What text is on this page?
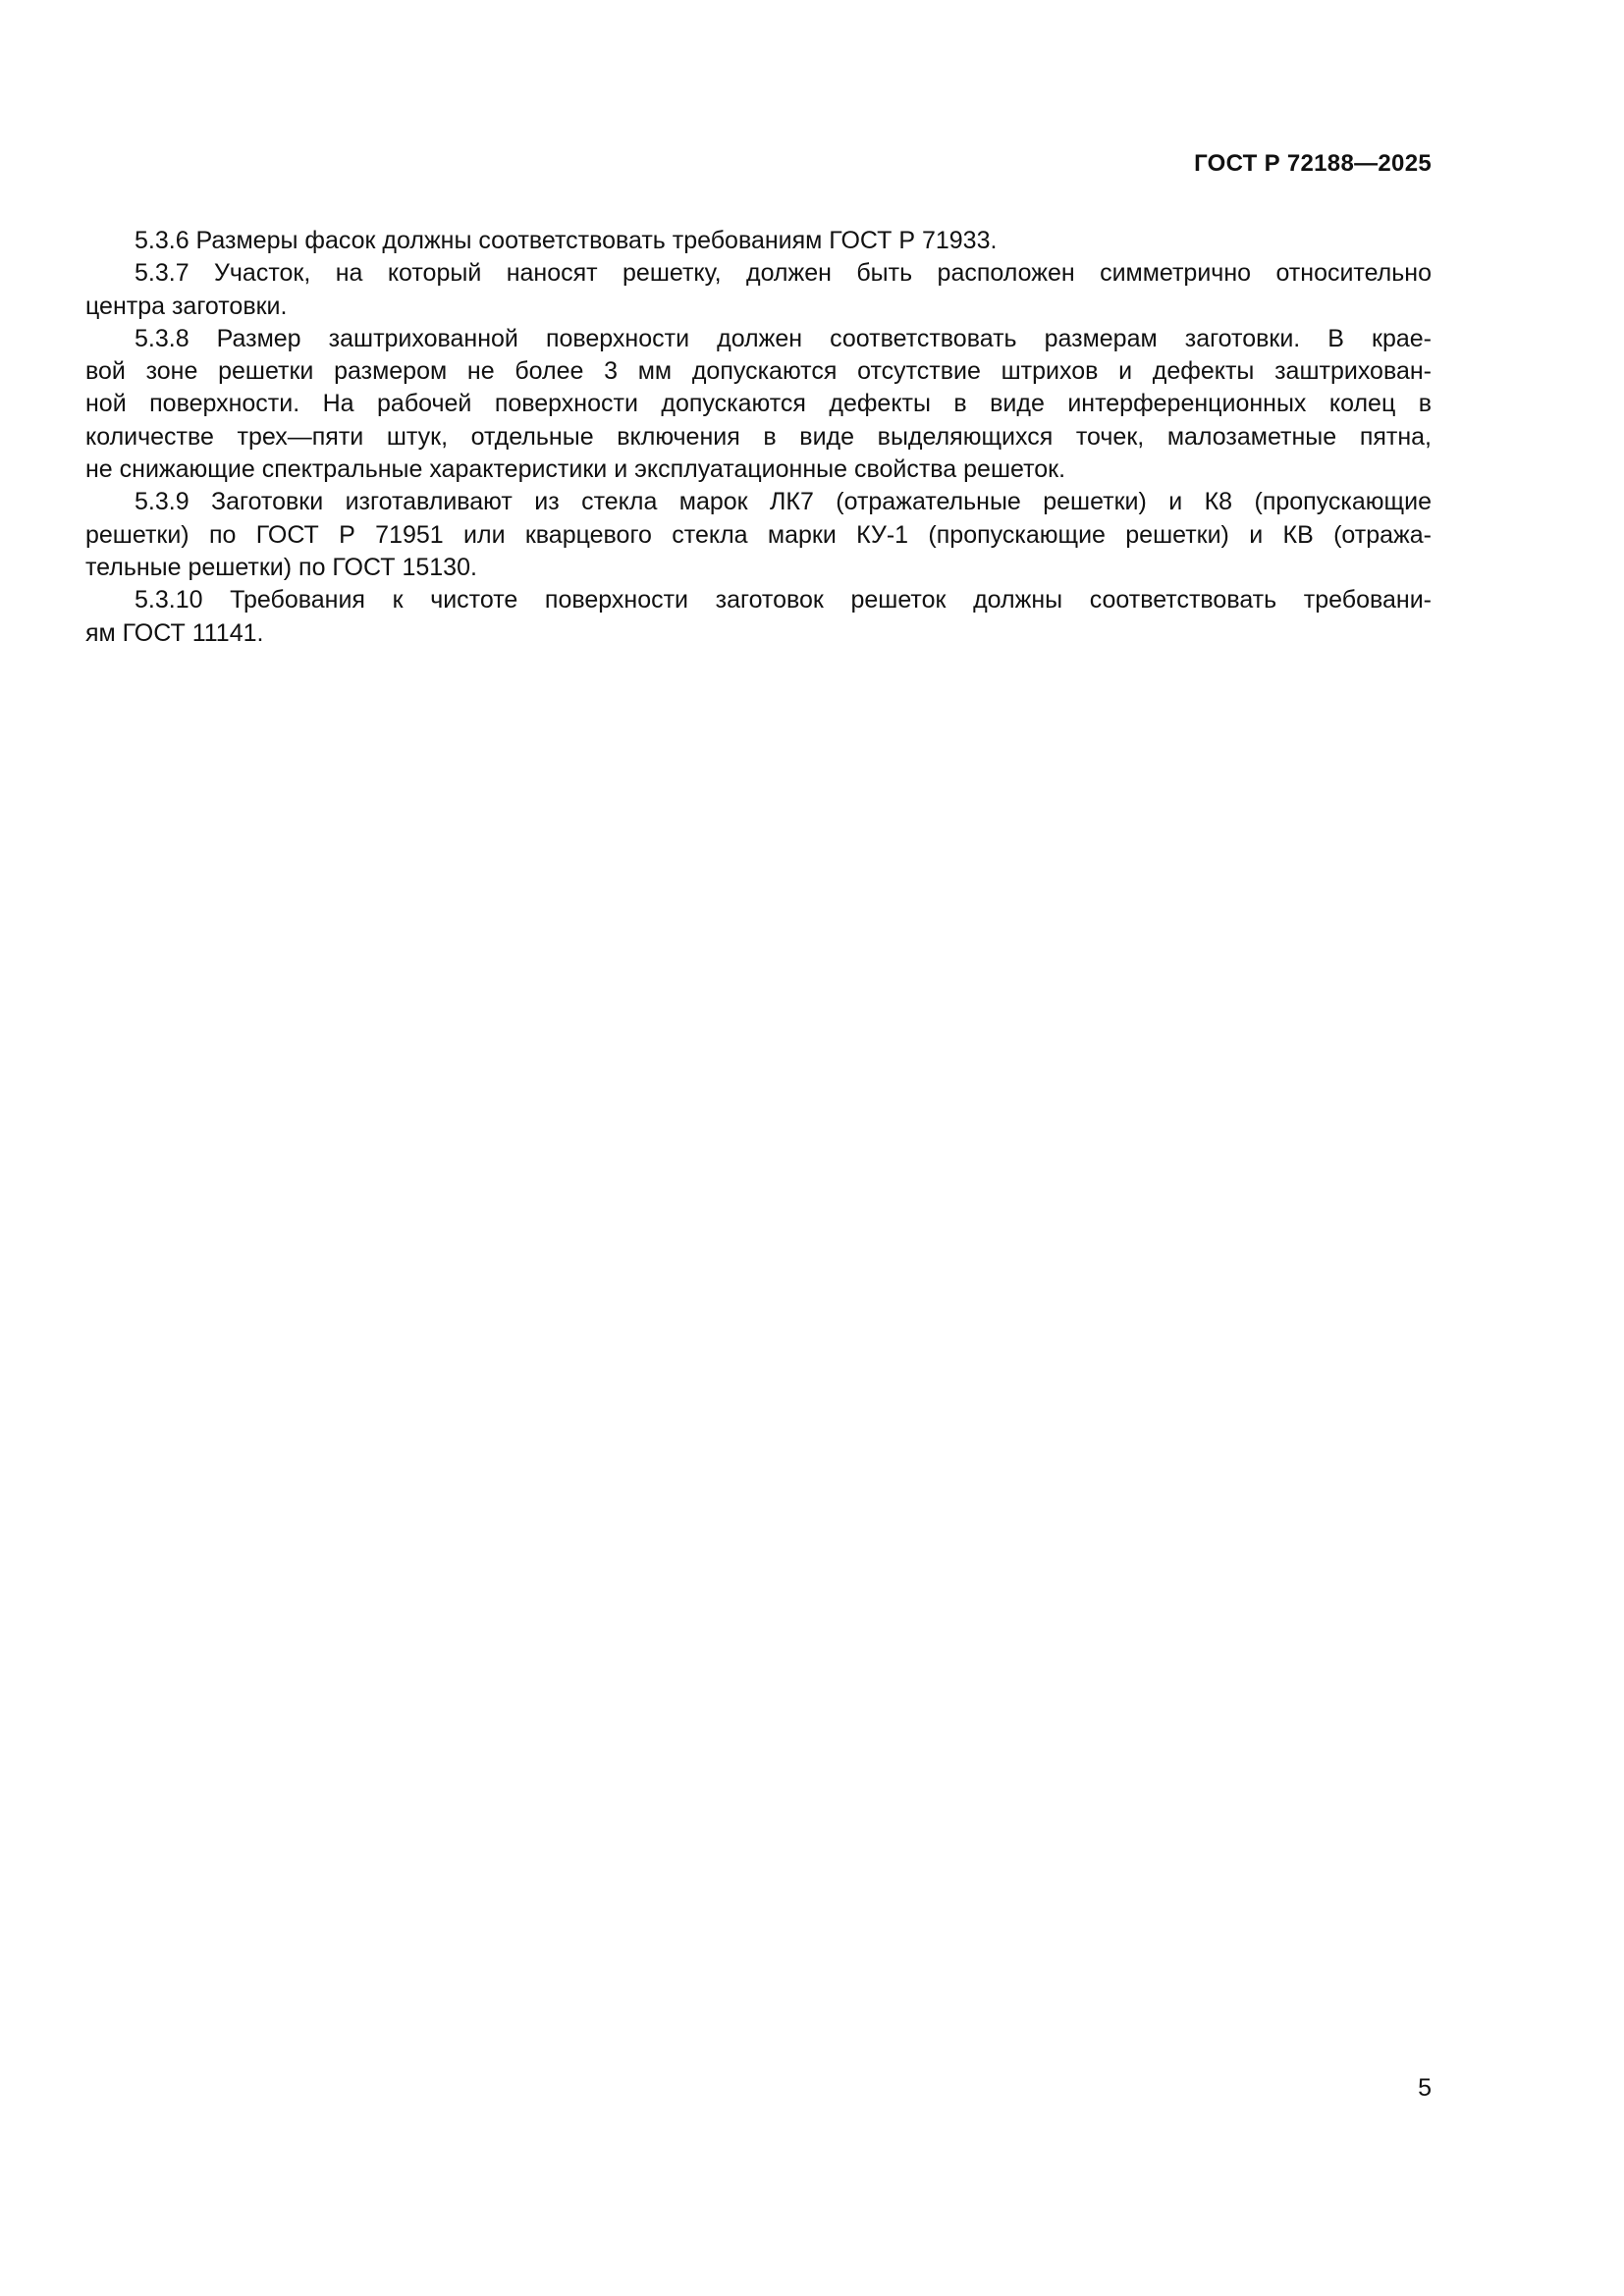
ГОСТ Р 72188—2025
5.3.6 Размеры фасок должны соответствовать требованиям ГОСТ Р 71933.
5.3.7 Участок, на который наносят решетку, должен быть расположен симметрично относительно
центра заготовки.
5.3.8 Размер заштрихованной поверхности должен соответствовать размерам заготовки. В крае-
вой зоне решетки размером не более 3 мм допускаются отсутствие штрихов и дефекты заштрихован-
ной поверхности. На рабочей поверхности допускаются дефекты в виде интерференционных колец в
количестве трех—пяти штук, отдельные включения в виде выделяющихся точек, малозаметные пятна,
не снижающие спектральные характеристики и эксплуатационные свойства решеток.
5.3.9 Заготовки изготавливают из стекла марок ЛК7 (отражательные решетки) и К8 (пропускающие
решетки) по ГОСТ Р 71951 или кварцевого стекла марки КУ-1 (пропускающие решетки) и КВ (отража-
тельные решетки) по ГОСТ 15130.
5.3.10 Требования к чистоте поверхности заготовок решеток должны соответствовать требовани-
ям ГОСТ 11141.
5
